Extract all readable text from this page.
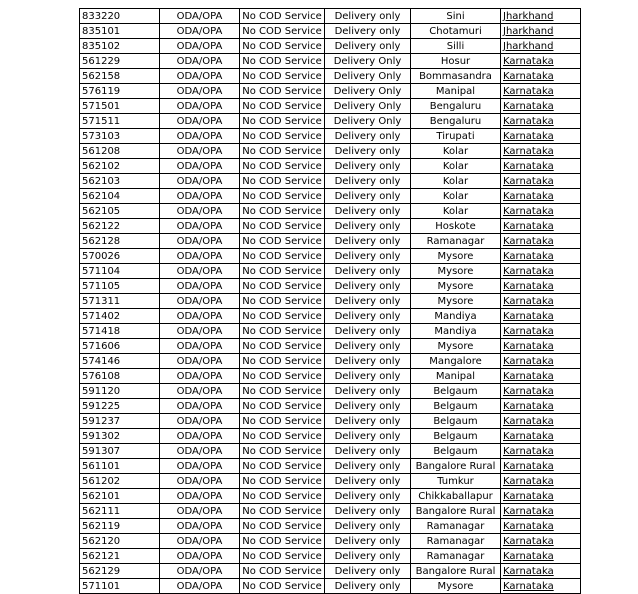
833220	ODA/OPA	No COD Service	Delivery only	Sini	Jharkhand
835101	ODA/OPA	No COD Service	Delivery only	Chotamuri	Jharkhand
835102	ODA/OPA	No COD Service	Delivery only	Silli	Jharkhand
561229	ODA/OPA	No COD Service	Delivery Only	Hosur	Karnataka
562158	ODA/OPA	No COD Service	Delivery Only	Bommasandra	Karnataka
576119	ODA/OPA	No COD Service	Delivery Only	Manipal	Karnataka
571501	ODA/OPA	No COD Service	Delivery Only	Bengaluru	Karnataka
571511	ODA/OPA	No COD Service	Delivery Only	Bengaluru	Karnataka
573103	ODA/OPA	No COD Service	Delivery only	Tirupati	Karnataka
561208	ODA/OPA	No COD Service	Delivery only	Kolar	Karnataka
562102	ODA/OPA	No COD Service	Delivery only	Kolar	Karnataka
562103	ODA/OPA	No COD Service	Delivery only	Kolar	Karnataka
562104	ODA/OPA	No COD Service	Delivery only	Kolar	Karnataka
562105	ODA/OPA	No COD Service	Delivery only	Kolar	Karnataka
562122	ODA/OPA	No COD Service	Delivery only	Hoskote	Karnataka
562128	ODA/OPA	No COD Service	Delivery only	Ramanagar	Karnataka
570026	ODA/OPA	No COD Service	Delivery only	Mysore	Karnataka
571104	ODA/OPA	No COD Service	Delivery only	Mysore	Karnataka
571105	ODA/OPA	No COD Service	Delivery only	Mysore	Karnataka
571311	ODA/OPA	No COD Service	Delivery only	Mysore	Karnataka
571402	ODA/OPA	No COD Service	Delivery only	Mandiya	Karnataka
571418	ODA/OPA	No COD Service	Delivery only	Mandiya	Karnataka
571606	ODA/OPA	No COD Service	Delivery only	Mysore	Karnataka
574146	ODA/OPA	No COD Service	Delivery only	Mangalore	Karnataka
576108	ODA/OPA	No COD Service	Delivery only	Manipal	Karnataka
591120	ODA/OPA	No COD Service	Delivery only	Belgaum	Karnataka
591225	ODA/OPA	No COD Service	Delivery only	Belgaum	Karnataka
591237	ODA/OPA	No COD Service	Delivery only	Belgaum	Karnataka
591302	ODA/OPA	No COD Service	Delivery only	Belgaum	Karnataka
591307	ODA/OPA	No COD Service	Delivery only	Belgaum	Karnataka
561101	ODA/OPA	No COD Service	Delivery only	Bangalore Rural	Karnataka
561202	ODA/OPA	No COD Service	Delivery only	Tumkur	Karnataka
562101	ODA/OPA	No COD Service	Delivery only	Chikkaballapur	Karnataka
562111	ODA/OPA	No COD Service	Delivery only	Bangalore Rural	Karnataka
562119	ODA/OPA	No COD Service	Delivery only	Ramanagar	Karnataka
562120	ODA/OPA	No COD Service	Delivery only	Ramanagar	Karnataka
562121	ODA/OPA	No COD Service	Delivery only	Ramanagar	Karnataka
562129	ODA/OPA	No COD Service	Delivery only	Bangalore Rural	Karnataka
571101	ODA/OPA	No COD Service	Delivery only	Mysore	Karnataka
